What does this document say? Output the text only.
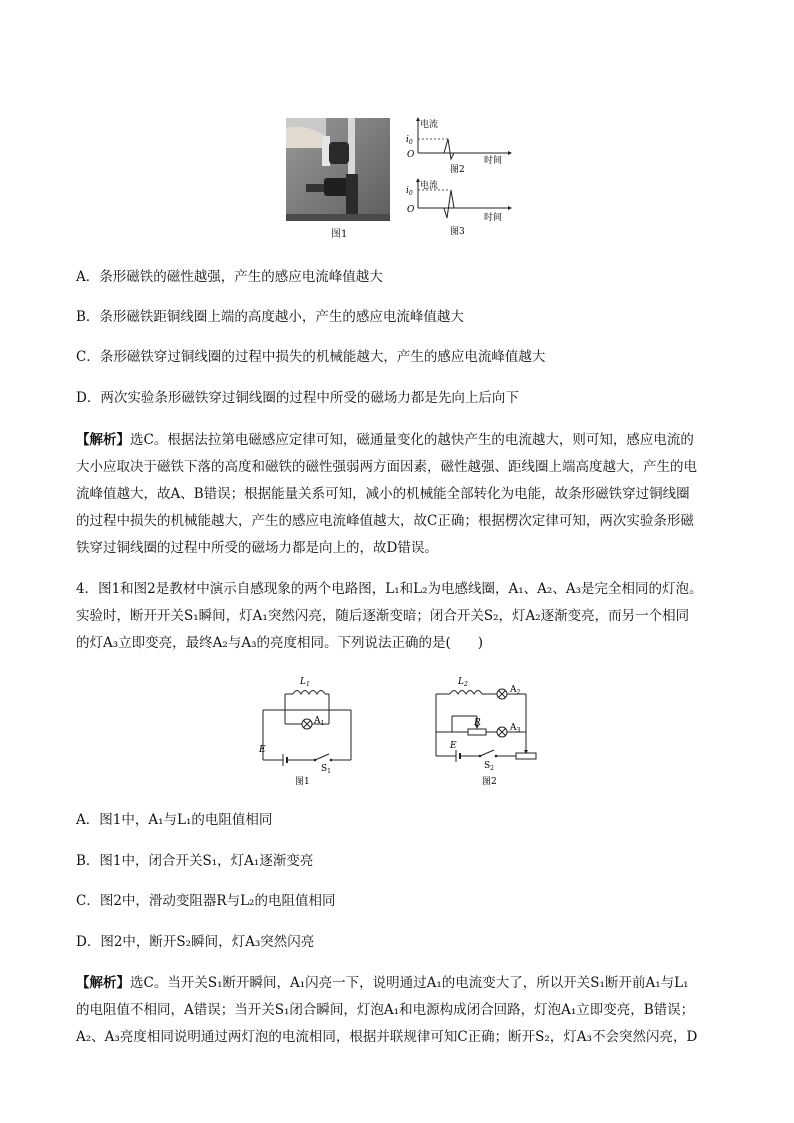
图1
电流
$i_0$
O
时间
图2
电流
$i_0$
O
时间
图3
A．条形磁铁的磁性越强，产生的感应电流峰值越大
B．条形磁铁距铜线圈上端的高度越小，产生的感应电流峰值越大
C．条形磁铁穿过铜线圈的过程中损失的机械能越大，产生的感应电流峰值越大
D．两次实验条形磁铁穿过铜线圈的过程中所受的磁场力都是先向上后向下
【解析】选C。根据法拉第电磁感应定律可知，磁通量变化的越快产生的电流越大，则可知，感应电流的
大小应取决于磁铁下落的高度和磁铁的磁性强弱两方面因素，磁性越强、距线圈上端高度越大，产生的电
流峰值越大，故A、B错误；根据能量关系可知，减小的机械能全部转化为电能，故条形磁铁穿过铜线圈
的过程中损失的机械能越大，产生的感应电流峰值越大，故C正确；根据楞次定律可知，两次实验条形磁
铁穿过铜线圈的过程中所受的磁场力都是向上的，故D错误。
4．图1和图2是教材中演示自感现象的两个电路图，L₁和L₂为电感线圈，A₁、A₂、A₃是完全相同的灯泡。
实验时，断开开关S₁瞬间，灯A₁突然闪亮，随后逐渐变暗；闭合开关S₂，灯A₂逐渐变亮，而另一个相同
的灯A₃立即变亮，最终A₂与A₃的亮度相同。下列说法正确的是(　　)
$L_1$
$A_1$
E
$S_1$
图1
$L_2$
$A_2$
R	$A_3$
E
$S_2$
图2
A．图1中，A₁与L₁的电阻值相同
B．图1中，闭合开关S₁，灯A₁逐渐变亮
C．图2中，滑动变阻器R与L₂的电阻值相同
D．图2中，断开S₂瞬间，灯A₃突然闪亮
【解析】选C。当开关S₁断开瞬间，A₁闪亮一下，说明通过A₁的电流变大了，所以开关S₁断开前A₁与L₁
的电阻值不相同，A错误；当开关S₁闭合瞬间，灯泡A₁和电源构成闭合回路，灯泡A₁立即变亮，B错误；
A₂、A₃亮度相同说明通过两灯泡的电流相同，根据并联规律可知C正确；断开S₂，灯A₃不会突然闪亮，D
